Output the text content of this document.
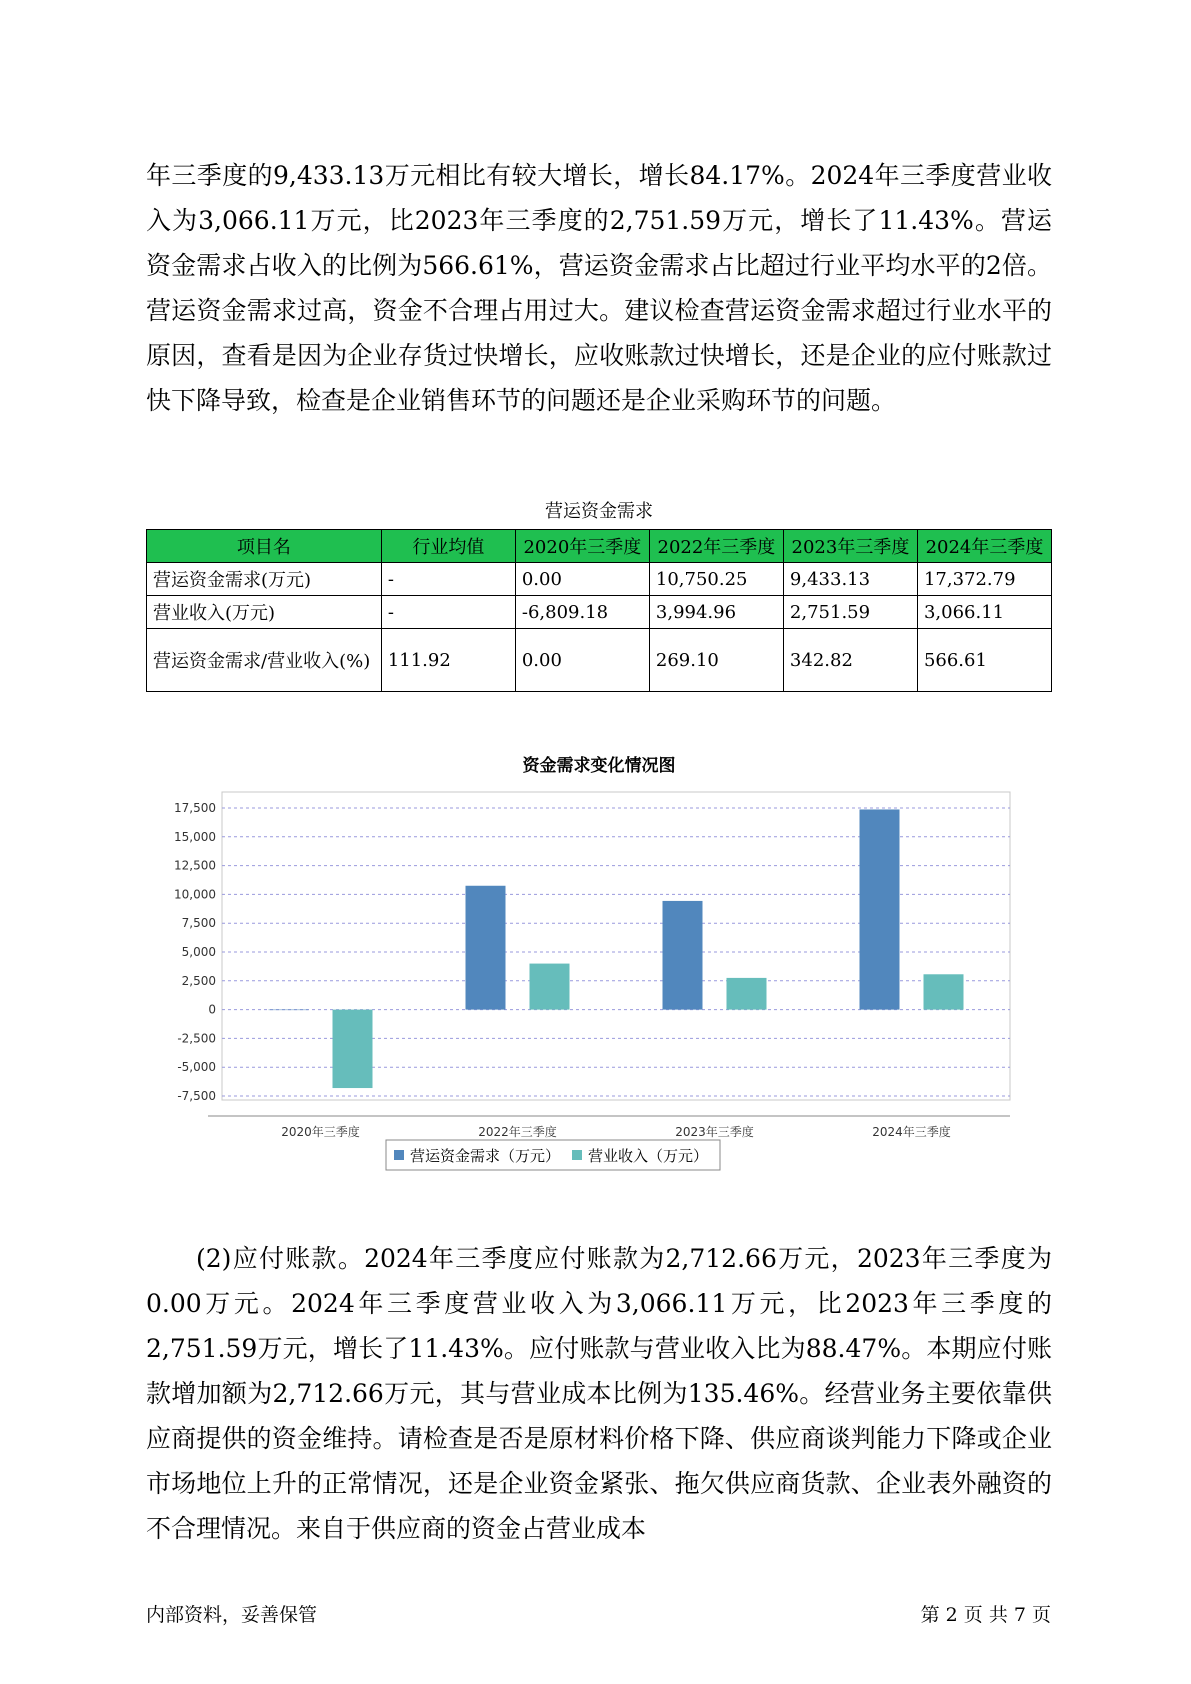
年三季度的9,433.13万元相比有较大增长，增长84.17%。2024年三季度营业收入为3,066.11万元，比2023年三季度的2,751.59万元，增长了11.43%。营运资金需求占收入的比例为566.61%，营运资金需求占比超过行业平均水平的2倍。营运资金需求过高，资金不合理占用过大。建议检查营运资金需求超过行业水平的原因，查看是因为企业存货过快增长，应收账款过快增长，还是企业的应付账款过快下降导致，检查是企业销售环节的问题还是企业采购环节的问题。

营运资金需求
项目名	行业均值	2020年三季度	2022年三季度	2023年三季度	2024年三季度
营运资金需求(万元)	-	0.00	10,750.25	9,433.13	17,372.79
营业收入(万元)	-	-6,809.18	3,994.96	2,751.59	3,066.11
营运资金需求/营业收入(%)	111.92	0.00	269.10	342.82	566.61
资金需求变化情况图
17,500
15,000
12,500
10,000
7,500
5,000
2,500
0
-2,500
-5,000
-7,500
2020年三季度	2022年三季度	2023年三季度	2024年三季度
营运资金需求（万元） 营业收入（万元）

(2)应付账款。2024年三季度应付账款为2,712.66万元，2023年三季度为0.00万元。2024年三季度营业收入为3,066.11万元，比2023年三季度的2,751.59万元，增长了11.43%。应付账款与营业收入比为88.47%。本期应付账款增加额为2,712.66万元，其与营业成本比例为135.46%。经营业务主要依靠供应商提供的资金维持。请检查是否是原材料价格下降、供应商谈判能力下降或企业市场地位上升的正常情况，还是企业资金紧张、拖欠供应商货款、企业表外融资的不合理情况。来自于供应商的资金占营业成本

内部资料，妥善保管	第 2 页 共 7 页
